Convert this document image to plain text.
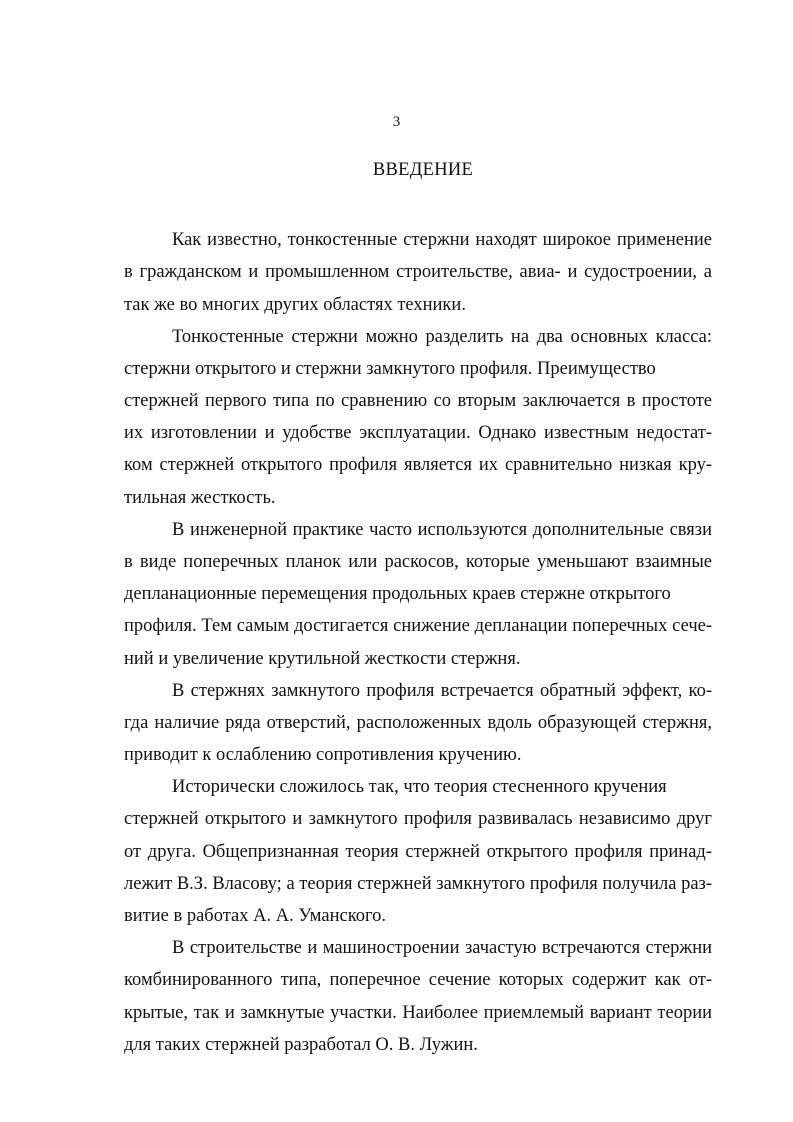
3
ВВЕДЕНИЕ
Как известно, тонкостенные стержни находят широкое применение
в гражданском и промышленном строительстве, авиа- и судостроении, а
так же во многих других областях техники.
Тонкостенные стержни можно разделить на два основных класса:
стержни открытого и стержни замкнутого профиля. Преимущество
стержней первого типа по сравнению со вторым заключается в простоте
их изготовлении и удобстве эксплуатации. Однако известным недостат-
ком стержней открытого профиля является их сравнительно низкая кру-
тильная жесткость.
В инженерной практике часто используются дополнительные связи
в виде поперечных планок или раскосов, которые уменьшают взаимные
депланационные перемещения продольных краев стержне открытого
профиля. Тем самым достигается снижение депланации поперечных сече-
ний и увеличение крутильной жесткости стержня.
В стержнях замкнутого профиля встречается обратный эффект, ко-
гда наличие ряда отверстий, расположенных вдоль образующей стержня,
приводит к ослаблению сопротивления кручению.
Исторически сложилось так, что теория стесненного кручения
стержней открытого и замкнутого профиля развивалась независимо друг
от друга. Общепризнанная теория стержней открытого профиля принад-
лежит В.З. Власову; а теория стержней замкнутого профиля получила раз-
витие в работах А. А. Уманского.
В строительстве и машиностроении зачастую встречаются стержни
комбинированного типа, поперечное сечение которых содержит как от-
крытые, так и замкнутые участки. Наиболее приемлемый вариант теории
для таких стержней разработал О. В. Лужин.
